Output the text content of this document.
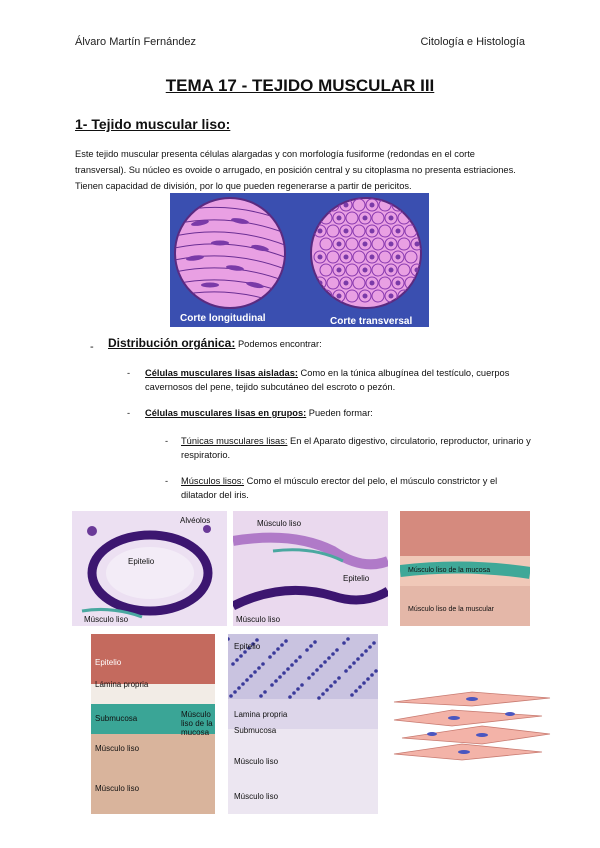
Álvaro Martín Fernández	Citología e Histología
TEMA 17 - TEJIDO MUSCULAR III
1- Tejido muscular liso:
Este tejido muscular presenta células alargadas y con morfología fusiforme (redondas en el corte transversal). Su núcleo es ovoide o arrugado, en posición central y su citoplasma no presenta estriaciones. Tienen capacidad de división, por lo que pueden regenerarse a partir de pericitos.
Corte longitudinal	Corte transversal
- Distribución orgánica: Podemos encontrar:
- Células musculares lisas aisladas: Como en la túnica albugínea del testículo, cuerpos cavernosos del pene, tejido subcutáneo del escroto o pezón.
- Células musculares lisas en grupos: Pueden formar:
- Túnicas musculares lisas: En el Aparato digestivo, circulatorio, reproductor, urinario y respiratorio.
- Músculos lisos: Como el músculo erector del pelo, el músculo constrictor y el dilatador del iris.
Alvéolos
Epitelio
Músculo liso
Músculo liso
Epitelio
Músculo liso
Músculo liso de la mucosa
Músculo liso de la muscular
Epitelio
Lámina propria
Submucosa	Músculo
liso de la
mucosa
Músculo liso
Músculo liso
Epitelio
Lamina propria
Submucosa
Músculo liso
Músculo liso
